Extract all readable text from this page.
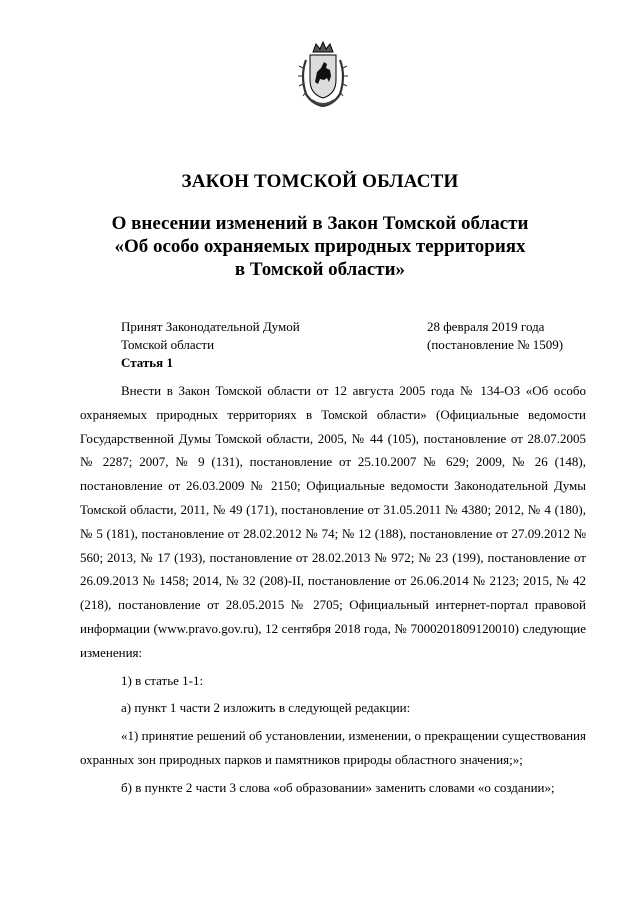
ЗАКОН ТОМСКОЙ ОБЛАСТИ
О внесении изменений в Закон Томской области
«Об особо охраняемых природных территориях
в Томской области»
Принят Законодательной Думой
Томской области
28 февраля 2019 года
(постановление № 1509)
Статья 1

Внести в Закон Томской области от 12 августа 2005 года № 134-ОЗ «Об особо охраняемых природных территориях в Томской области» (Официальные ведомости Государственной Думы Томской области, 2005, № 44 (105), постановление от 28.07.2005 № 2287; 2007, № 9 (131), постановление от 25.10.2007 № 629; 2009, № 26 (148), постановление от 26.03.2009 № 2150; Официальные ведомости Законодательной Думы Томской области, 2011, № 49 (171), постановление от 31.05.2011 № 4380; 2012, № 4 (180), № 5 (181), постановление от 28.02.2012 № 74; № 12 (188), постановление от 27.09.2012 № 560; 2013, № 17 (193), постановление от 28.02.2013 № 972; № 23 (199), постановление от 26.09.2013 № 1458; 2014, № 32 (208)-II, постановление от 26.06.2014 № 2123; 2015, № 42 (218), постановление от 28.05.2015 № 2705; Официальный интернет-портал правовой информации (www.pravo.gov.ru), 12 сентября 2018 года, № 7000201809120010) следующие изменения:

1) в статье 1-1:

а) пункт 1 части 2 изложить в следующей редакции:

«1) принятие решений об установлении, изменении, о прекращении существования охранных зон природных парков и памятников природы областного значения;»;

б) в пункте 2 части 3 слова «об образовании» заменить словами «о создании»;
